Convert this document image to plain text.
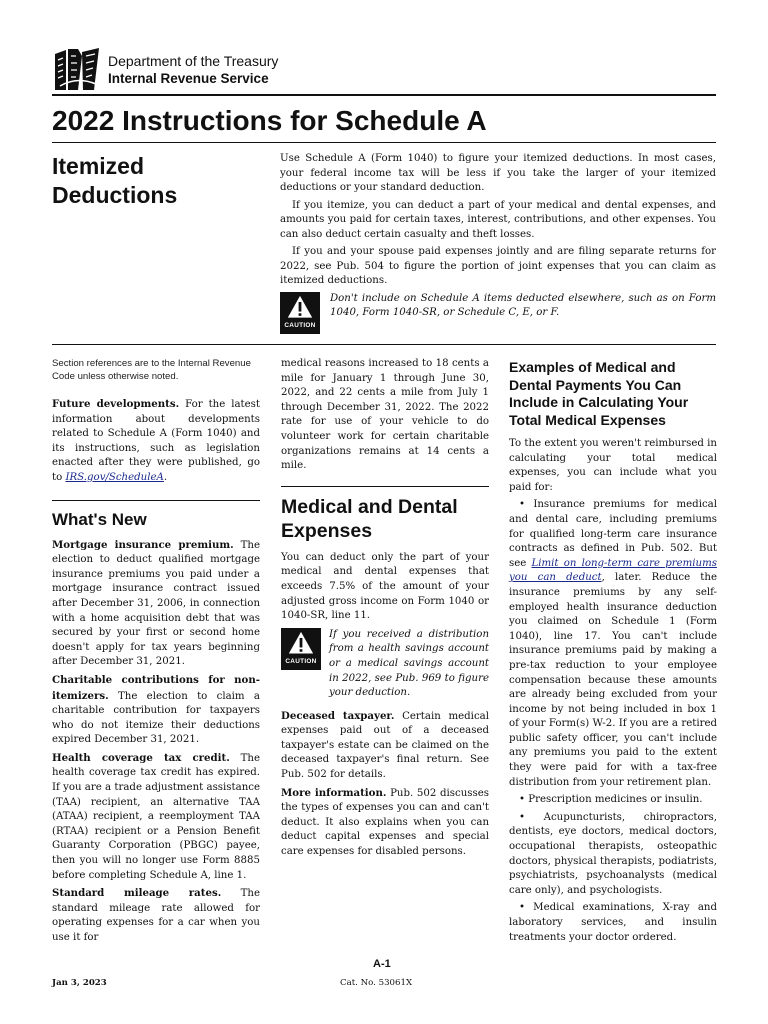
Department of the Treasury
Internal Revenue Service
2022 Instructions for Schedule A
Itemized
Deductions

Use Schedule A (Form 1040) to figure your itemized deductions. In most cases, your federal income tax will be less if you take the larger of your itemized deductions or your standard deduction.

If you itemize, you can deduct a part of your medical and dental expenses, and amounts you paid for certain taxes, interest, contributions, and other expenses. You can also deduct certain casualty and theft losses.

If you and your spouse paid expenses jointly and are filing separate returns for 2022, see Pub. 504 to figure the portion of joint expenses that you can claim as itemized deductions.

CAUTION
Don't include on Schedule A items deducted elsewhere, such as on Form 1040, Form 1040-SR, or Schedule C, E, or F.
Section references are to the Internal Revenue Code unless otherwise noted.

Future developments. For the latest information about developments related to Schedule A (Form 1040) and its instructions, such as legislation enacted after they were published, go to IRS.gov/ScheduleA.

What's New

Mortgage insurance premium. The election to deduct qualified mortgage insurance premiums you paid under a mortgage insurance contract issued after December 31, 2006, in connection with a home acquisition debt that was secured by your first or second home doesn't apply for tax years beginning after December 31, 2021.

Charitable contributions for non-itemizers. The election to claim a charitable contribution for taxpayers who do not itemize their deductions expired December 31, 2021.

Health coverage tax credit. The health coverage tax credit has expired. If you are a trade adjustment assistance (TAA) recipient, an alternative TAA (ATAA) recipient, a reemployment TAA (RTAA) recipient or a Pension Benefit Guaranty Corporation (PBGC) payee, then you will no longer use Form 8885 before completing Schedule A, line 1.

Standard mileage rates. The standard mileage rate allowed for operating expenses for a car when you use it for

medical reasons increased to 18 cents a mile for January 1 through June 30, 2022, and 22 cents a mile from July 1 through December 31, 2022. The 2022 rate for use of your vehicle to do volunteer work for certain charitable organizations remains at 14 cents a mile.

Medical and Dental Expenses

You can deduct only the part of your medical and dental expenses that exceeds 7.5% of the amount of your adjusted gross income on Form 1040 or 1040-SR, line 11.

CAUTION
If you received a distribution from a health savings account or a medical savings account in 2022, see Pub. 969 to figure your deduction.

Deceased taxpayer. Certain medical expenses paid out of a deceased taxpayer's estate can be claimed on the deceased taxpayer's final return. See Pub. 502 for details.

More information. Pub. 502 discusses the types of expenses you can and can't deduct. It also explains when you can deduct capital expenses and special care expenses for disabled persons.

Examples of Medical and Dental Payments You Can Include in Calculating Your Total Medical Expenses

To the extent you weren't reimbursed in calculating your total medical expenses, you can include what you paid for:

• Insurance premiums for medical and dental care, including premiums for qualified long-term care insurance contracts as defined in Pub. 502. But see Limit on long-term care premiums you can deduct, later. Reduce the insurance premiums by any self-employed health insurance deduction you claimed on Schedule 1 (Form 1040), line 17. You can't include insurance premiums paid by making a pre-tax reduction to your employee compensation because these amounts are already being excluded from your income by not being included in box 1 of your Form(s) W-2. If you are a retired public safety officer, you can't include any premiums you paid to the extent they were paid for with a tax-free distribution from your retirement plan.

• Prescription medicines or insulin.

• Acupuncturists, chiropractors, dentists, eye doctors, medical doctors, occupational therapists, osteopathic doctors, physical therapists, podiatrists, psychiatrists, psychoanalysts (medical care only), and psychologists.

• Medical examinations, X-ray and laboratory services, and insulin treatments your doctor ordered.

A-1
Jan 3, 2023	Cat. No. 53061X
